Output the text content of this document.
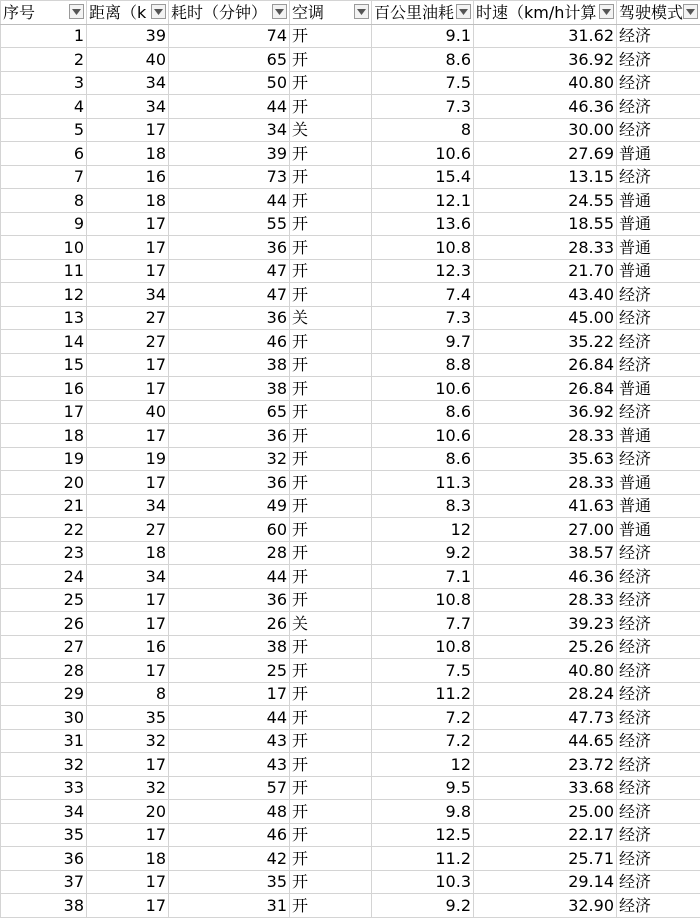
序号	距离（k	耗时（分钟）	空调	百公里油耗	时速（km/h计算	驾驶模式

1	39	74	开	9.1	31.62	经济
2	40	65	开	8.6	36.92	经济
3	34	50	开	7.5	40.80	经济
4	34	44	开	7.3	46.36	经济
5	17	34	关	8	30.00	经济
6	18	39	开	10.6	27.69	普通
7	16	73	开	15.4	13.15	经济
8	18	44	开	12.1	24.55	普通
9	17	55	开	13.6	18.55	普通
10	17	36	开	10.8	28.33	普通
11	17	47	开	12.3	21.70	普通
12	34	47	开	7.4	43.40	经济
13	27	36	关	7.3	45.00	经济
14	27	46	开	9.7	35.22	经济
15	17	38	开	8.8	26.84	经济
16	17	38	开	10.6	26.84	普通
17	40	65	开	8.6	36.92	经济
18	17	36	开	10.6	28.33	普通
19	19	32	开	8.6	35.63	经济
20	17	36	开	11.3	28.33	普通
21	34	49	开	8.3	41.63	普通
22	27	60	开	12	27.00	普通
23	18	28	开	9.2	38.57	经济
24	34	44	开	7.1	46.36	经济
25	17	36	开	10.8	28.33	经济
26	17	26	关	7.7	39.23	经济
27	16	38	开	10.8	25.26	经济
28	17	25	开	7.5	40.80	经济
29	8	17	开	11.2	28.24	经济
30	35	44	开	7.2	47.73	经济
31	32	43	开	7.2	44.65	经济
32	17	43	开	12	23.72	经济
33	32	57	开	9.5	33.68	经济
34	20	48	开	9.8	25.00	经济
35	17	46	开	12.5	22.17	经济
36	18	42	开	11.2	25.71	经济
37	17	35	开	10.3	29.14	经济
38	17	31	开	9.2	32.90	经济
